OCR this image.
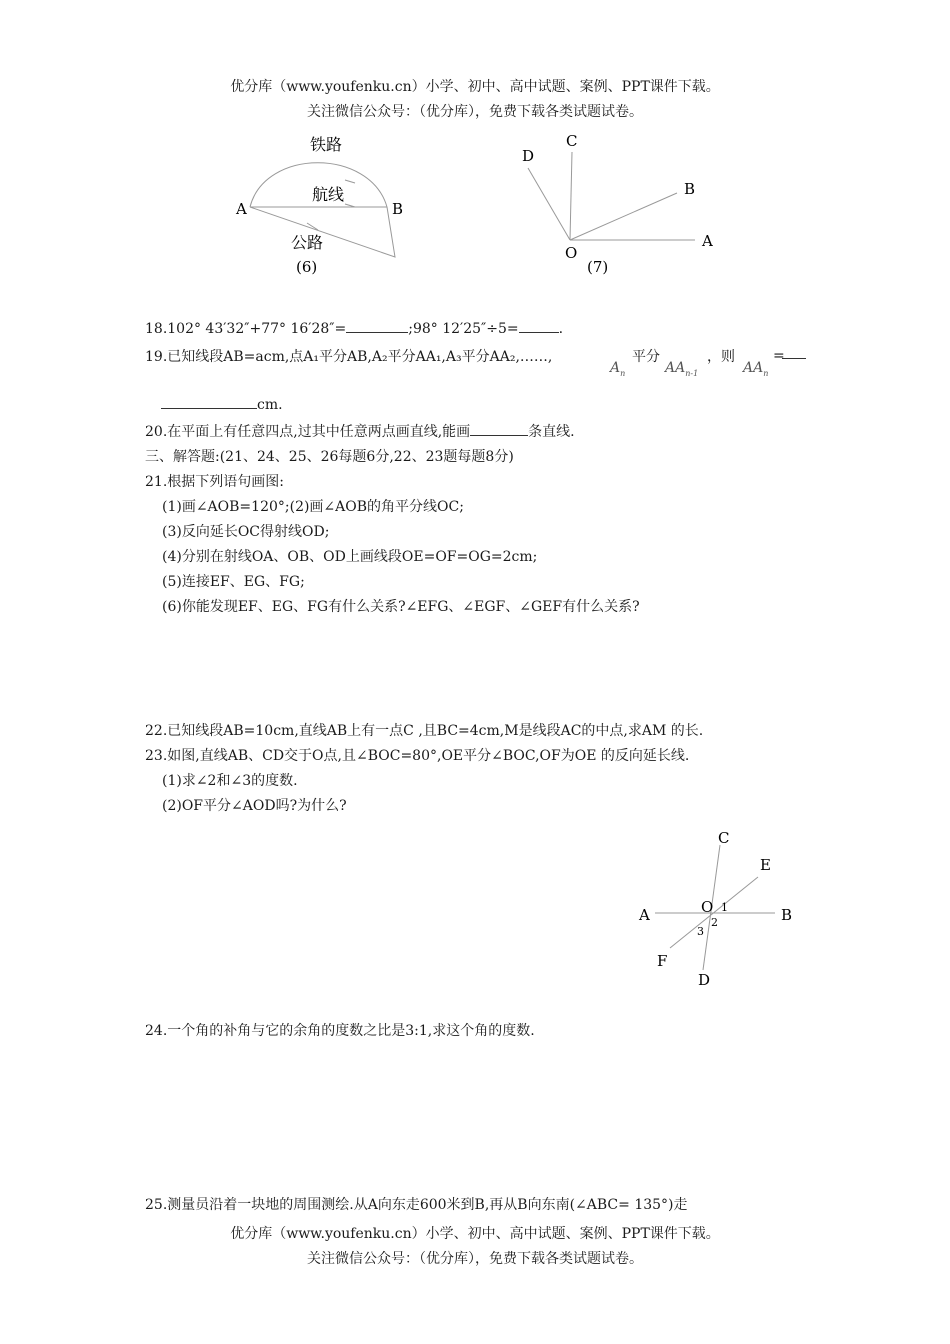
优分库（www.youfenku.cn）小学、初中、高中试题、案例、PPT课件下载。
关注微信公众号：（优分库），免费下载各类试题试卷。
铁路
航线
公路
A	B
(6)
C
D
B
A
O
(7)
18.102° 43′32″+77° 16′28″=	;98° 12′25″÷5=	.
19.已知线段AB=acm,点A₁平分AB,A₂平分AA₁,A₃平分AA₂,……,
$A_n$
平分
$AA_{n-1}$
，则
$AA_n$
=
cm.
20.在平面上有任意四点,过其中任意两点画直线,能画	条直线.
三、解答题:(21、24、25、26每题6分,22、23题每题8分)
21.根据下列语句画图:
(1)画∠AOB=120°;(2)画∠AOB的角平分线OC;
(3)反向延长OC得射线OD;
(4)分别在射线OA、OB、OD上画线段OE=OF=OG=2cm;
(5)连接EF、EG、FG;
(6)你能发现EF、EG、FG有什么关系?∠EFG、∠EGF、∠GEF有什么关系?
22.已知线段AB=10cm,直线AB上有一点C ,且BC=4cm,M是线段AC的中点,求AM 的长.
23.如图,直线AB、CD交于O点,且∠BOC=80°,OE平分∠BOC,OF为OE 的反向延长线.
(1)求∠2和∠3的度数.
(2)OF平分∠AOD吗?为什么?
C
E
A	O 1	B
3
2
F
D
24.一个角的补角与它的余角的度数之比是3:1,求这个角的度数.
25.测量员沿着一块地的周围测绘.从A向东走600米到B,再从B向东南(∠ABC= 135°)走
优分库（www.youfenku.cn）小学、初中、高中试题、案例、PPT课件下载。
关注微信公众号：（优分库），免费下载各类试题试卷。
